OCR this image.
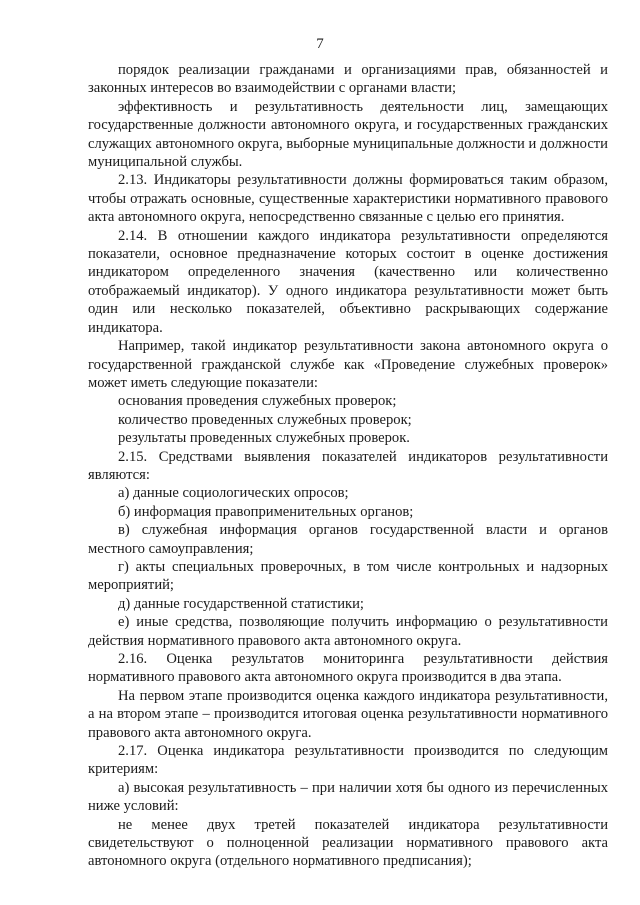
7

порядок реализации гражданами и организациями прав, обязанностей и законных интересов во взаимодействии с органами власти;

эффективность и результативность деятельности лиц, замещающих государственные должности автономного округа, и государственных гражданских служащих автономного округа, выборные муниципальные должности и должности муниципальной службы.

2.13. Индикаторы результативности должны формироваться таким образом, чтобы отражать основные, существенные характеристики нормативного правового акта автономного округа, непосредственно связанные с целью его принятия.

2.14. В отношении каждого индикатора результативности определяются показатели, основное предназначение которых состоит в оценке достижения индикатором определенного значения (качественно или количественно отображаемый индикатор). У одного индикатора результативности может быть один или несколько показателей, объективно раскрывающих содержание индикатора.

Например, такой индикатор результативности закона автономного округа о государственной гражданской службе как «Проведение служебных проверок» может иметь следующие показатели:

основания проведения служебных проверок;

количество проведенных служебных проверок;

результаты проведенных служебных проверок.

2.15. Средствами выявления показателей индикаторов результативности являются:

а) данные социологических опросов;

б) информация правоприменительных органов;

в) служебная информация органов государственной власти и органов местного самоуправления;

г) акты специальных проверочных, в том числе контрольных и надзорных мероприятий;

д) данные государственной статистики;

е) иные средства, позволяющие получить информацию о результативности действия нормативного правового акта автономного округа.

2.16. Оценка результатов мониторинга результативности действия нормативного правового акта автономного округа производится в два этапа.

На первом этапе производится оценка каждого индикатора результативности, а на втором этапе – производится итоговая оценка результативности нормативного правового акта автономного округа.

2.17. Оценка индикатора результативности производится по следующим критериям:

а) высокая результативность – при наличии хотя бы одного из перечисленных ниже условий:

не менее двух третей показателей индикатора результативности свидетельствуют о полноценной реализации нормативного правового акта автономного округа (отдельного нормативного предписания);
